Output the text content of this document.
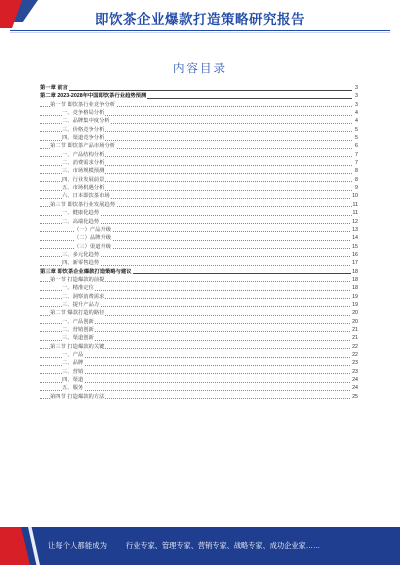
即饮茶企业爆款打造策略研究报告
内容目录
第一章 前言	3
第二章 2023-2028年中国即饮茶行业趋势预测	3
第一节 即饮茶行业竞争分析	3
一、竞争格局分析	4
二、品牌集中度分析	4
三、价格竞争分析	5
四、渠道竞争分析	5
第二节 即饮茶产品市场分析	6
一、产品结构分析	7
二、消费需求分析	7
三、市场规模预测	8
四、行业发展前景	8
五、市场机遇分析	9
六、日本即饮茶市场	10
第三节 即饮茶行业发展趋势	11
一、健康化趋势	11
二、高端化趋势	12
（一）产品升级	13
（二）品牌升级	14
（三）渠道升级	15
三、多元化趋势	16
四、新零售趋势	17
第三章 即饮茶企业爆款打造策略与建议	18
第一节 打造爆款的前提	18
一、精准定位	18
二、洞察消费需求	19
三、提升产品力	19
第二节 爆款打造的路径	20
一、产品创新	20
二、营销创新	21
三、渠道创新	21
第三节 打造爆款的关键	22
一、产品	22
二、品牌	23
三、营销	23
四、渠道	24
五、服务	24
第四节 打造爆款的方法	25
让每个人都能成为	行业专家、管理专家、营销专家、战略专家、成功企业家……
